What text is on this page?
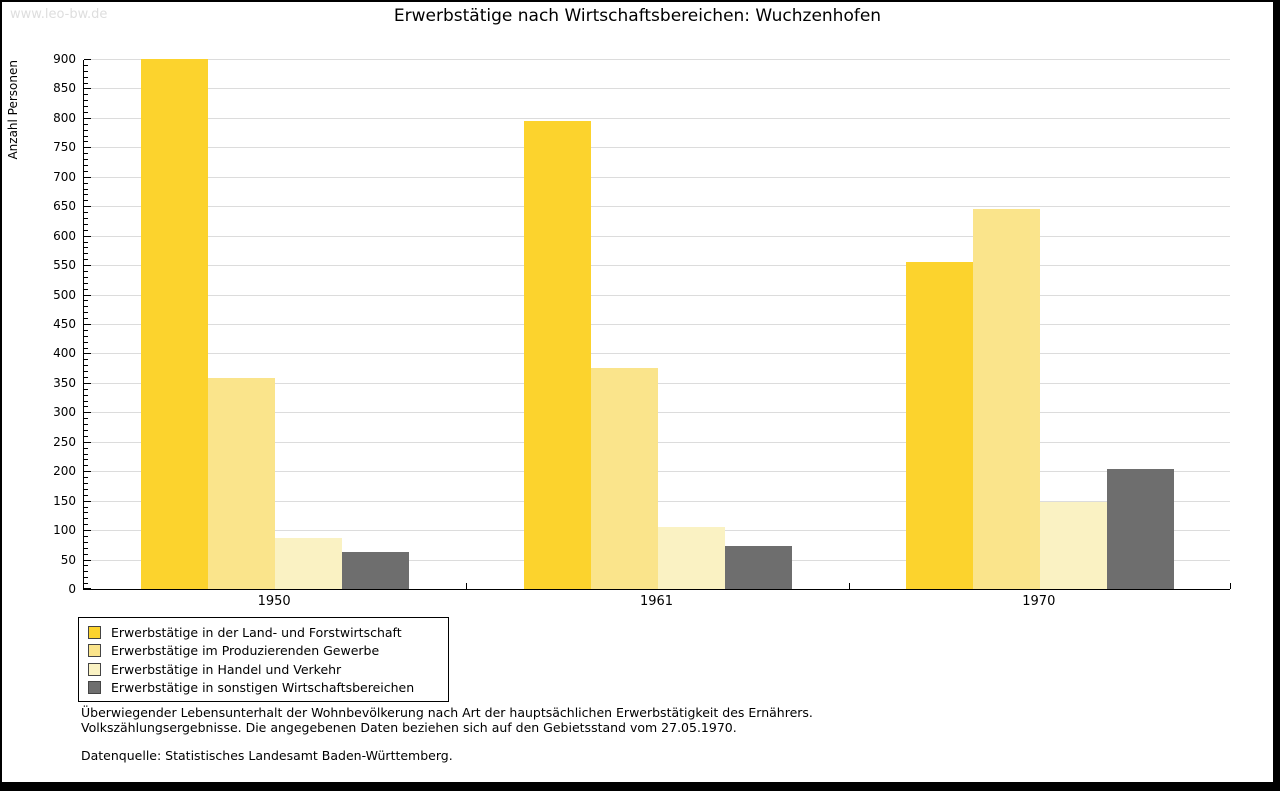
www.leo-bw.de	Erwerbstätige nach Wirtschaftsbereichen: Wuchzenhofen
Anzahl Personen
0
50
100
150
200
250
300
350
400
450
500
550
600
650
700
750
800
850
900
1950	1961	1970
Erwerbstätige in der Land- und Forstwirtschaft
Erwerbstätige im Produzierenden Gewerbe
Erwerbstätige in Handel und Verkehr
Erwerbstätige in sonstigen Wirtschaftsbereichen
Überwiegender Lebensunterhalt der Wohnbevölkerung nach Art der hauptsächlichen Erwerbstätigkeit des Ernährers.
Volkszählungsergebnisse. Die angegebenen Daten beziehen sich auf den Gebietsstand vom 27.05.1970.
Datenquelle: Statistisches Landesamt Baden-Württemberg.
